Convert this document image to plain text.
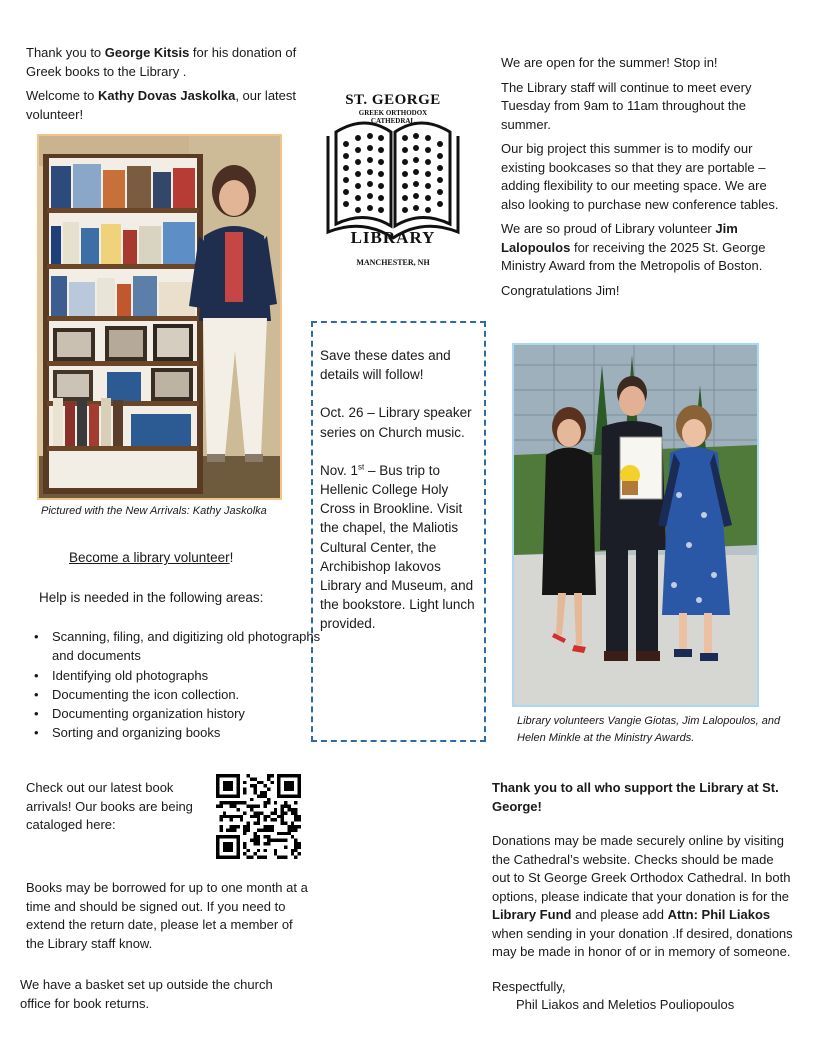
Thank you to George Kitsis for his donation of Greek books to the Library .

Welcome to Kathy Dovas Jaskolka, our latest volunteer!

Pictured with the New Arrivals: Kathy Jaskolka

ST. GEORGE
GREEK ORTHODOX
CATHEDRAL
LIBRARY
MANCHESTER, NH

We are open for the summer! Stop in!

The Library staff will continue to meet every Tuesday from 9am to 11am throughout the summer.

Our big project this summer is to modify our existing bookcases so that they are portable – adding flexibility to our meeting space. We are also looking to purchase new conference tables.

We are so proud of Library volunteer Jim Lalopoulos for receiving the 2025 St. George Ministry Award from the Metropolis of Boston.

Congratulations Jim!

Save these dates and details will follow!

Oct. 26 – Library speaker series on Church music.

Nov. 1st – Bus trip to Hellenic College Holy Cross in Brookline. Visit the chapel, the Maliotis Cultural Center, the Archibishop Iakovos Library and Museum, and the bookstore. Light lunch provided.

Library volunteers Vangie Giotas, Jim Lalopoulos, and Helen Minkle at the Ministry Awards.

Become a library volunteer!

Help is needed in the following areas:

• Scanning, filing, and digitizing old photographs and documents
• Identifying old photographs
• Documenting the icon collection.
• Documenting organization history
• Sorting and organizing books

Check out our latest book arrivals! Our books are being cataloged here:

Books may be borrowed for up to one month at a time and should be signed out. If you need to extend the return date, please let a member of the Library staff know.

We have a basket set up outside the church office for book returns.

Thank you to all who support the Library at St. George!

Donations may be made securely online by visiting the Cathedral’s website. Checks should be made out to St George Greek Orthodox Cathedral. In both options, please indicate that your donation is for the Library Fund and please add Attn: Phil Liakos when sending in your donation .If desired, donations may be made in honor of or in memory of someone.

Respectfully,

Phil Liakos and Meletios Pouliopoulos
